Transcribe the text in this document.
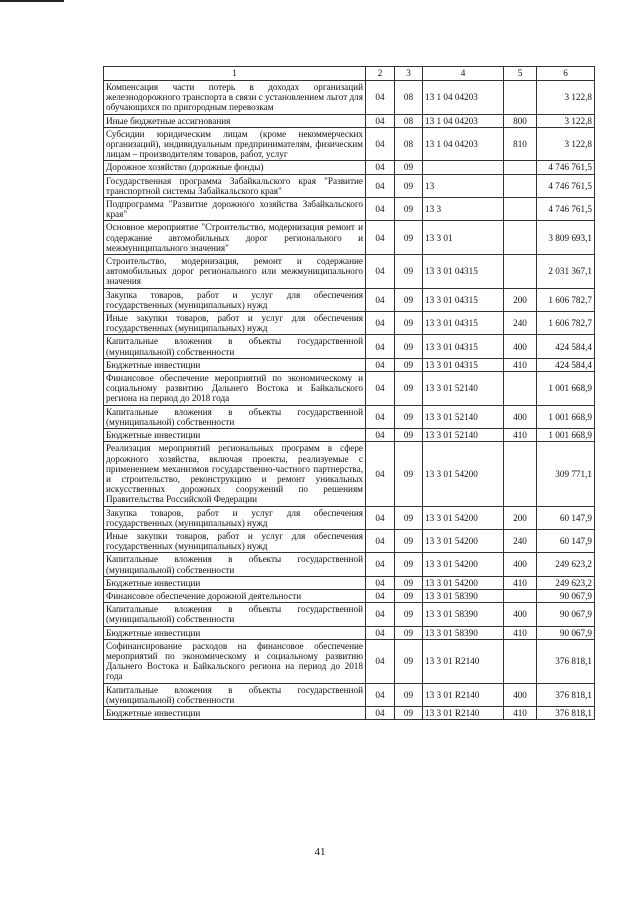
1	2	3	4	5	6
Компенсация части потерь в доходах организаций железнодорожного транспорта в связи с установлением льгот для обучающихся по пригородным перевозкам	04	08	13 1 04 04203		3 122,8
Иные бюджетные ассигнования	04	08	13 1 04 04203	800	3 122,8
Субсидии юридическим лицам (кроме некоммерческих организаций), индивидуальным предпринимателям, физическим лицам – производителям товаров, работ, услуг	04	08	13 1 04 04203	810	3 122,8
Дорожное хозяйство (дорожные фонды)	04	09			4 746 761,5
Государственная программа Забайкальского края "Развитие транспортной системы Забайкальского края"	04	09	13		4 746 761,5
Подпрограмма "Развитие дорожного хозяйства Забайкальского края"	04	09	13 3		4 746 761,5
Основное мероприятие "Строительство, модернизация ремонт и содержание автомобильных дорог регионального и межмуниципального значения"	04	09	13 3 01		3 809 693,1
Строительство, модернизация, ремонт и содержание автомобильных дорог регионального или межмуниципального значения	04	09	13 3 01 04315		2 031 367,1
Закупка товаров, работ и услуг для обеспечения государственных (муниципальных) нужд	04	09	13 3 01 04315	200	1 606 782,7
Иные закупки товаров, работ и услуг для обеспечения государственных (муниципальных) нужд	04	09	13 3 01 04315	240	1 606 782,7
Капитальные вложения в объекты государственной (муниципальной) собственности	04	09	13 3 01 04315	400	424 584,4
Бюджетные инвестиции	04	09	13 3 01 04315	410	424 584,4
Финансовое обеспечение мероприятий по экономическому и социальному развитию Дальнего Востока и Байкальского региона на период до 2018 года	04	09	13 3 01 52140		1 001 668,9
Капитальные вложения в объекты государственной (муниципальной) собственности	04	09	13 3 01 52140	400	1 001 668,9
Бюджетные инвестиции	04	09	13 3 01 52140	410	1 001 668,9
Реализация мероприятий региональных программ в сфере дорожного хозяйства, включая проекты, реализуемые с применением механизмов государственно-частного партнерства, и строительство, реконструкцию и ремонт уникальных искусственных дорожных сооружений по решениям Правительства Российской Федерации	04	09	13 3 01 54200		309 771,1
Закупка товаров, работ и услуг для обеспечения государственных (муниципальных) нужд	04	09	13 3 01 54200	200	60 147,9
Иные закупки товаров, работ и услуг для обеспечения государственных (муниципальных) нужд	04	09	13 3 01 54200	240	60 147,9
Капитальные вложения в объекты государственной (муниципальной) собственности	04	09	13 3 01 54200	400	249 623,2
Бюджетные инвестиции	04	09	13 3 01 54200	410	249 623,2
Финансовое обеспечение дорожной деятельности	04	09	13 3 01 58390		90 067,9
Капитальные вложения в объекты государственной (муниципальной) собственности	04	09	13 3 01 58390	400	90 067,9
Бюджетные инвестиции	04	09	13 3 01 58390	410	90 067,9
Софинансирование расходов на финансовое обеспечение мероприятий по экономическому и социальному развитию Дальнего Востока и Байкальского региона на период до 2018 года	04	09	13 3 01 R2140		376 818,1
Капитальные вложения в объекты государственной (муниципальной) собственности	04	09	13 3 01 R2140	400	376 818,1
Бюджетные инвестиции	04	09	13 3 01 R2140	410	376 818,1
41
